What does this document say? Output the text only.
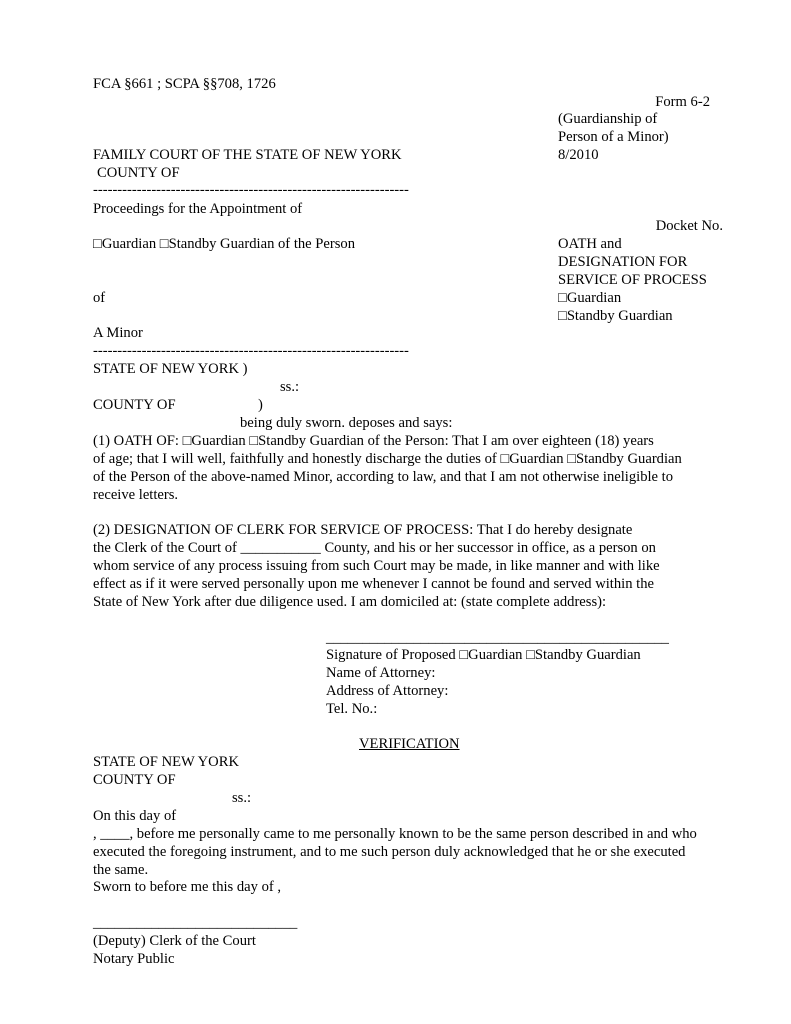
FCA §661 ; SCPA §§708, 1726
Form 6-2
(Guardianship of
Person of a Minor)
8/2010
FAMILY COURT OF THE STATE OF NEW YORK
COUNTY OF
-----------------------------------------------------------------
Proceedings for the Appointment of
Docket No.
□Guardian □Standby Guardian of the Person	OATH and
DESIGNATION FOR
SERVICE OF PROCESS
of	□Guardian
□Standby Guardian
A Minor
-----------------------------------------------------------------
STATE OF NEW YORK )
ss.:
COUNTY OF	)
being duly sworn. deposes and says:
(1) OATH OF: □Guardian □Standby Guardian of the Person: That I am over eighteen (18) years
of age; that I will well, faithfully and honestly discharge the duties of □Guardian □Standby Guardian
of the Person of the above-named Minor, according to law, and that I am not otherwise ineligible to
receive letters.
(2) DESIGNATION OF CLERK FOR SERVICE OF PROCESS: That I do hereby designate
the Clerk of the Court of ___________ County, and his or her successor in office, as a person on
whom service of any process issuing from such Court may be made, in like manner and with like
effect as if it were served personally upon me whenever I cannot be found and served within the
State of New York after due diligence used. I am domiciled at: (state complete address):
_______________________________________________
Signature of Proposed □Guardian □Standby Guardian
Name of Attorney:
Address of Attorney:
Tel. No.:
VERIFICATION
STATE OF NEW YORK
COUNTY OF
ss.:
On this day of
, ____, before me personally came to me personally known to be the same person described in and who
executed the foregoing instrument, and to me such person duly acknowledged that he or she executed
the same.
Sworn to before me this day of ,
____________________________
(Deputy) Clerk of the Court
Notary Public
